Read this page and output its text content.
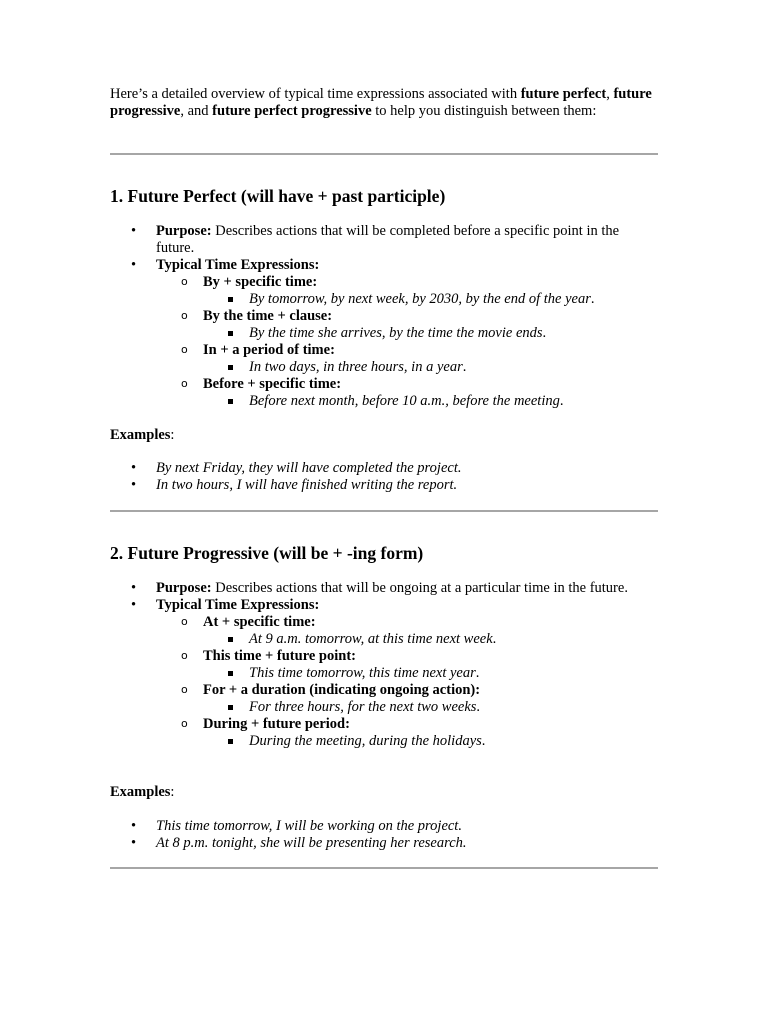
Here’s a detailed overview of typical time expressions associated with future perfect, future progressive, and future perfect progressive to help you distinguish between them:

1. Future Perfect (will have + past participle)
• Purpose: Describes actions that will be completed before a specific point in the future.
• Typical Time Expressions:
o By + specific time:
By tomorrow, by next week, by 2030, by the end of the year.
o By the time + clause:
By the time she arrives, by the time the movie ends.
o In + a period of time:
In two days, in three hours, in a year.
o Before + specific time:
Before next month, before 10 a.m., before the meeting.
Examples:
• By next Friday, they will have completed the project.
• In two hours, I will have finished writing the report.
2. Future Progressive (will be + -ing form)
• Purpose: Describes actions that will be ongoing at a particular time in the future.
• Typical Time Expressions:
o At + specific time:
At 9 a.m. tomorrow, at this time next week.
o This time + future point:
This time tomorrow, this time next year.
o For + a duration (indicating ongoing action):
For three hours, for the next two weeks.
o During + future period:
During the meeting, during the holidays.
Examples:
• This time tomorrow, I will be working on the project.
• At 8 p.m. tonight, she will be presenting her research.
